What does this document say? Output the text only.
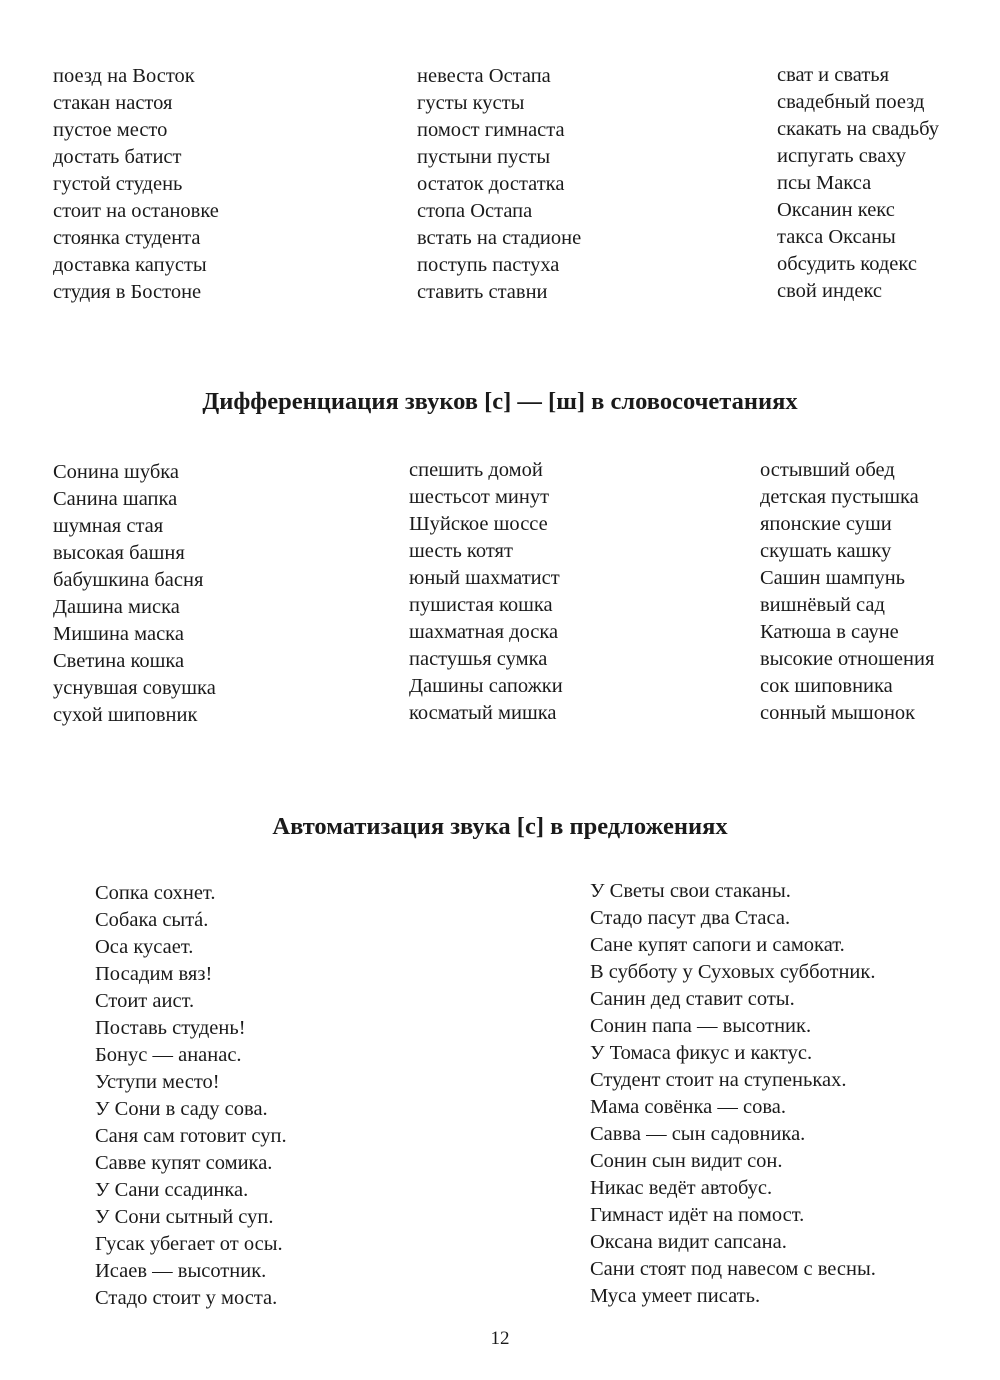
поезд на Восток
стакан настоя
пустое место
достать батист
густой студень
стоит на остановке
стоянка студента
доставка капусты
студия в Бостоне
невеста Остапа
густы кусты
помост гимнаста
пустыни пусты
остаток достатка
стопа Остапа
встать на стадионе
поступь пастуха
ставить ставни
сват и сватья
свадебный поезд
скакать на свадьбу
испугать сваху
псы Макса
Оксанин кекс
такса Оксаны
обсудить кодекс
свой индекс
Дифференциация звуков [с] — [ш] в словосочетаниях
Сонина шубка
Санина шапка
шумная стая
высокая башня
бабушкина басня
Дашина миска
Мишина маска
Светина кошка
уснувшая совушка
сухой шиповник
спешить домой
шестьсот минут
Шуйское шоссе
шесть котят
юный шахматист
пушистая кошка
шахматная доска
пастушья сумка
Дашины сапожки
косматый мишка
остывший обед
детская пустышка
японские суши
скушать кашку
Сашин шампунь
вишнёвый сад
Катюша в сауне
высокие отношения
сок шиповника
сонный мышонок
Автоматизация звука [с] в предложениях
Сопка сохнет.
Собака сытá.
Оса кусает.
Посадим вяз!
Стоит аист.
Поставь студень!
Бонус — ананас.
Уступи место!
У Сони в саду сова.
Саня сам готовит суп.
Савве купят сомика.
У Сани ссадинка.
У Сони сытный суп.
Гусак убегает от осы.
Исаев — высотник.
Стадо стоит у моста.
У Светы свои стаканы.
Стадо пасут два Стаса.
Сане купят сапоги и самокат.
В субботу у Суховых субботник.
Санин дед ставит соты.
Сонин папа — высотник.
У Томаса фикус и кактус.
Студент стоит на ступеньках.
Мама совёнка — сова.
Савва — сын садовника.
Сонин сын видит сон.
Никас ведёт автобус.
Гимнаст идёт на помост.
Оксана видит сапсана.
Сани стоят под навесом с весны.
Муса умеет писать.
12
